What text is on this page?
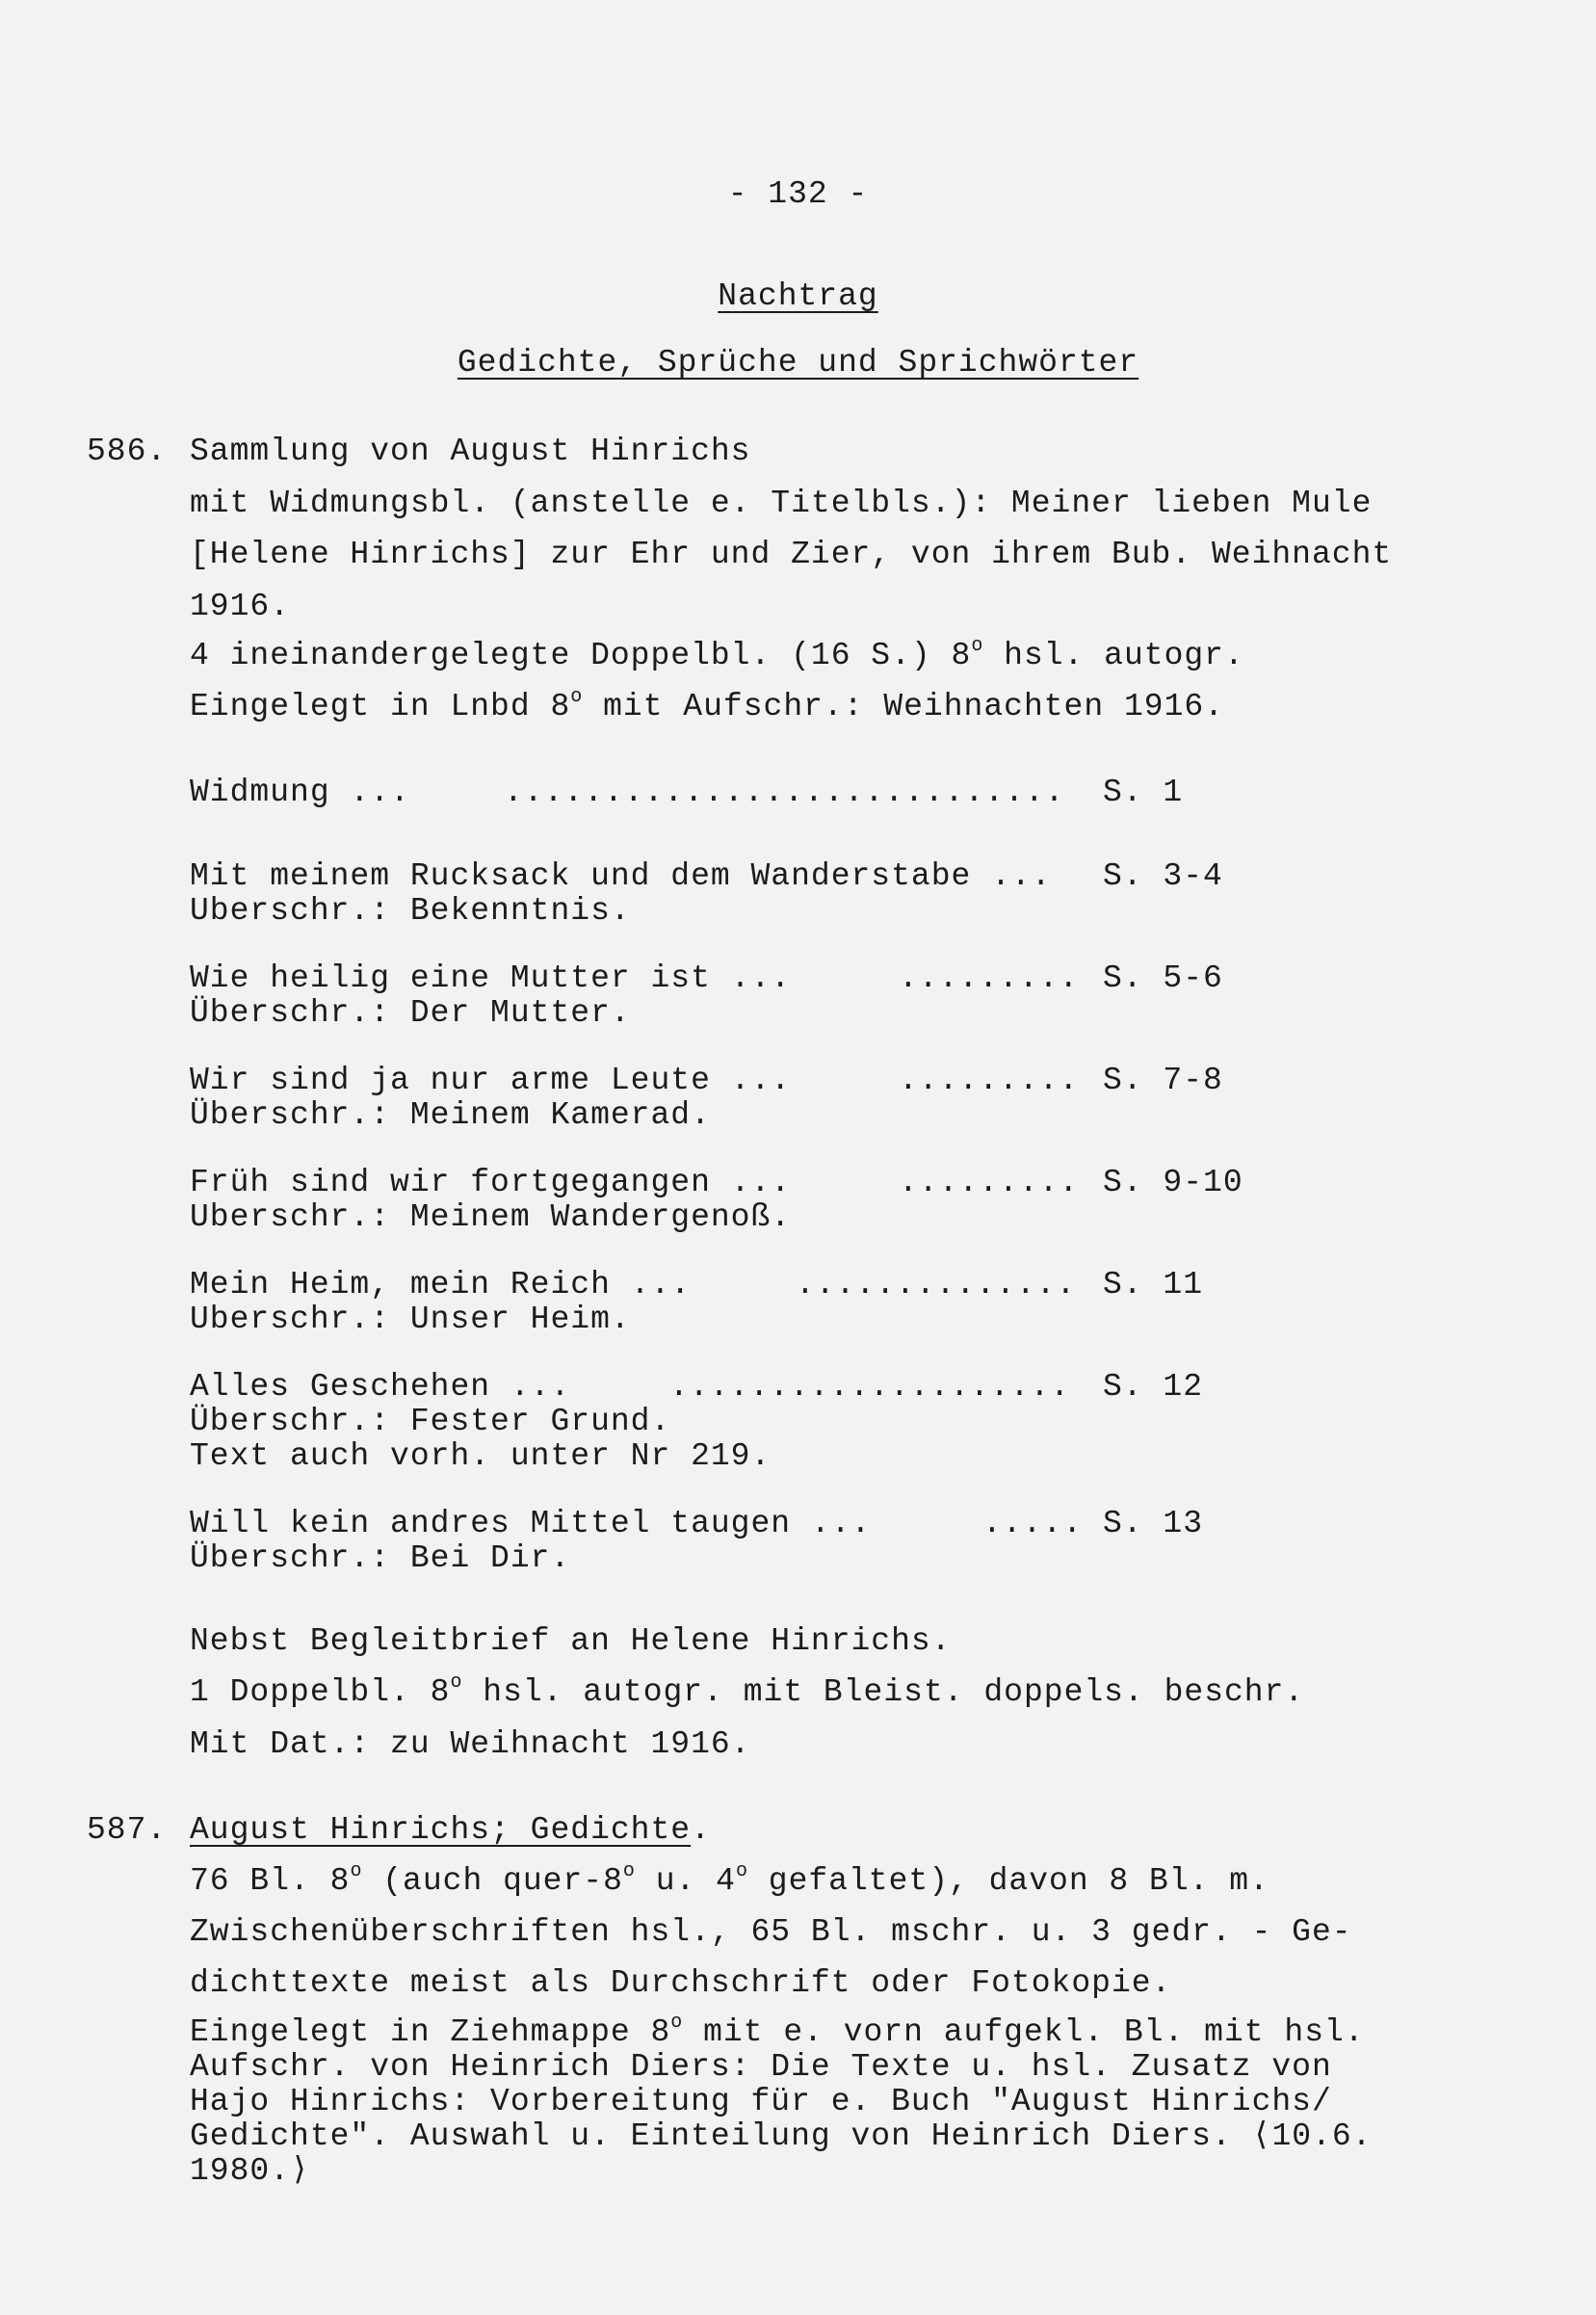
- 132 -
Nachtrag
Gedichte, Sprüche und Sprichwörter
586. Sammlung von August Hinrichs
mit Widmungsbl. (anstelle e. Titelbls.): Meiner lieben Mule
[Helene Hinrichs] zur Ehr und Zier, von ihrem Bub. Weihnacht
1916.
4 ineinandergelegte Doppelbl. (16 S.) 8$^o$ hsl. autogr.
Eingelegt in Lnbd 8$^o$ mit Aufschr.: Weihnachten 1916.
Widmung ...	............................	S. 1
Mit meinem Rucksack und dem Wanderstabe ... S. 3-4
Uberschr.: Bekenntnis.
Wie heilig eine Mutter ist ...	......... S. 5-6
Überschr.: Der Mutter.
Wir sind ja nur arme Leute ...	......... S. 7-8
Überschr.: Meinem Kamerad.
Früh sind wir fortgegangen ...	......... S. 9-10
Uberschr.: Meinem Wandergenoß.
Mein Heim, mein Reich ...	.............. S. 11
Uberschr.: Unser Heim.
Alles Geschehen ...	....................	S. 12
Überschr.: Fester Grund.
Text auch vorh. unter Nr 219.
Will kein andres Mittel taugen ...	..... S. 13
Überschr.: Bei Dir.
Nebst Begleitbrief an Helene Hinrichs.
1 Doppelbl. 8$^o$ hsl. autogr. mit Bleist. doppels. beschr.
Mit Dat.: zu Weihnacht 1916.
587. August Hinrichs; Gedichte.
76 Bl. 8$^o$ (auch quer-8$^o$ u. 4$^o$ gefaltet), davon 8 Bl. m.
Zwischenüberschriften hsl., 65 Bl. mschr. u. 3 gedr. - Ge-
dichttexte meist als Durchschrift oder Fotokopie.
Eingelegt in Ziehmappe 8$^o$ mit e. vorn aufgekl. Bl. mit hsl.
Aufschr. von Heinrich Diers: Die Texte u. hsl. Zusatz von
Hajo Hinrichs: Vorbereitung für e. Buch "August Hinrichs/
Gedichte". Auswahl u. Einteilung von Heinrich Diers. ⟨10.6.
1980.⟩
